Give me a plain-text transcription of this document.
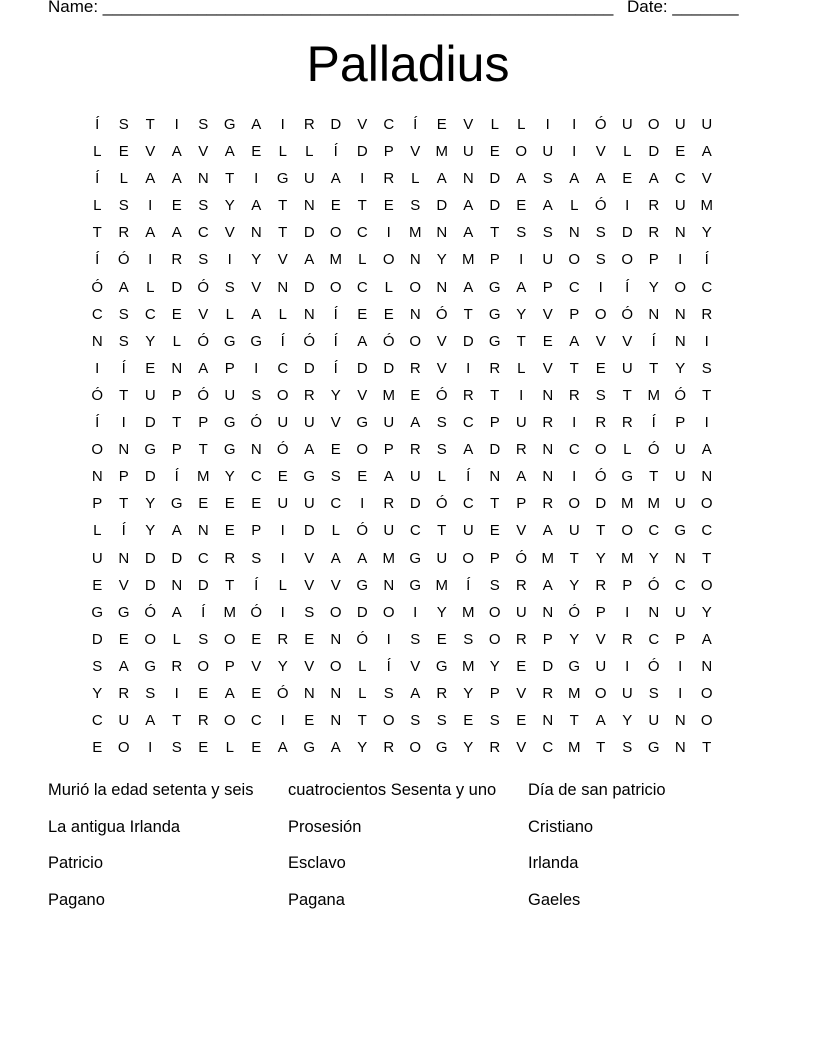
Name: ______________________________________________________ Date: _______
Palladius
Í	S	T	I	S	G	A	I	R	D	V	C	Í	E	V	L	L	I	I	Ó	U	O	U	U
L	E	V	A	V	A	E	L	L	Í	D	P	V	M U	E	O	U	I	V	L	D	E	A
Í	L	A	A	N	T	I	G	U	A	I	R	L	A	N	D	A	S	A	A	E	A	C	V
L	S	I	E	S	Y	A	T	N	E	T	E	S	D	A	D	E	A	L	Ó	I	R	U M
T	R	A	A	C	V	N	T	D	O	C	I	M N	A	T	S	S	N	S	D	R	N	Y
Í	Ó	I	R	S	I	Y	V	A	M	L	O	N	Y	M	P	I	U	O	S	O	P	I	Í
Ó	A	L	D	Ó	S	V	N	D	O	C	L	O	N	A	G	A	P	C	I	Í	Y	O	C
C	S	C	E	V	L	A	L	N	Í	E	E	N	Ó	T	G	Y	V	P	O Ó	N	N	R
N	S	Y	L	Ó G G	Í	Ó	Í	A	Ó O	V	D	G	T	E	A	V	V	Í	N	I
I	Í	E	N	A	P	I	C	D	Í	D	D	R	V	I	R	L	V	T	E	U	T	Y	S
Ó	T	U	P	Ó	U	S	O	R	Y	V	M	E	Ó	R	T	I	N	R	S	T	M Ó	T
Í	I	D	T	P	G Ó	U	U	V	G	U	A	S	C	P	U	R	I	R	R	Í	P	I
O	N	G	P	T	G	N	Ó	A	E	O	P	R	S	A	D	R	N	C	O	L	Ó	U	A
N	P	D	Í	M	Y	C	E	G	S	E	A	U	L	Í	N	A	N	I	Ó G	T	U	N
P	T	Y	G	E	E	E	U	U	C	I	R	D	Ó	C	T	P	R	O	D M M U	O
L	Í	Y	A	N	E	P	I	D	L	Ó	U	C	T	U	E	V	A	U	T	O	C	G	C
U	N	D	D	C	R	S	I	V	A	A	M G	U	O	P	Ó M	T	Y	M	Y	N	T
E	V	D	N	D	T	Í	L	V	V	G	N	G M	Í	S	R	A	Y	R	P	Ó	C	O
G G Ó	A	Í	M Ó	I	S	O	D	O	I	Y	M O	U	N	Ó	P	I	N	U	Y
D	E	O	L	S	O	E	R	E	N	Ó	I	S	E	S	O	R	P	Y	V	R	C	P	A
S	A	G	R	O	P	V	Y	V	O	L	Í	V	G M	Y	E	D	G	U	I	Ó	I	N
Y	R	S	I	E	A	E	Ó	N	N	L	S	A	R	Y	P	V	R M O	U	S	I	O
C	U	A	T	R	O	C	I	E	N	T	O	S	S	E	S	E	N	T	A	Y	U	N	O
E	O	I	S	E	L	E	A	G	A	Y	R	O G	Y	R	V	C M	T	S	G	N	T
Murió la edad setenta y seis	cuatrocientos Sesenta y uno	Día de san patricio
La antigua Irlanda	Prosesión	Cristiano
Patricio	Esclavo	Irlanda
Pagano	Pagana	Gaeles
